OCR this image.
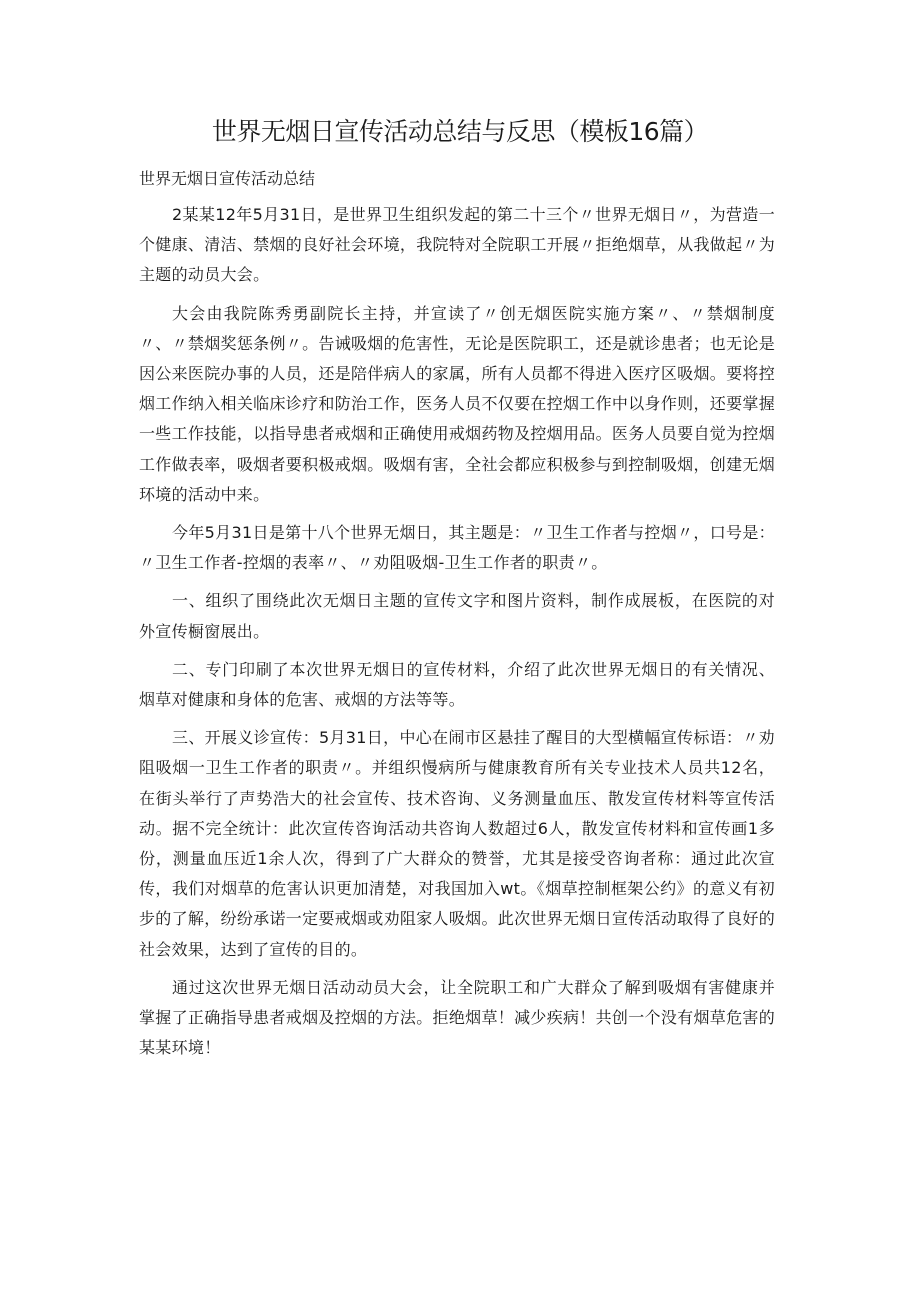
世界无烟日宣传活动总结与反思（模板16篇）

世界无烟日宣传活动总结

2某某12年5月31日，是世界卫生组织发起的第二十三个〃世界无烟日〃，为营造一个健康、清洁、禁烟的良好社会环境，我院特对全院职工开展〃拒绝烟草，从我做起〃为主题的动员大会。

大会由我院陈秀勇副院长主持，并宣读了〃创无烟医院实施方案〃、〃禁烟制度〃、〃禁烟奖惩条例〃。告诫吸烟的危害性，无论是医院职工，还是就诊患者；也无论是因公来医院办事的人员，还是陪伴病人的家属，所有人员都不得进入医疗区吸烟。要将控烟工作纳入相关临床诊疗和防治工作，医务人员不仅要在控烟工作中以身作则，还要掌握一些工作技能，以指导患者戒烟和正确使用戒烟药物及控烟用品。医务人员要自觉为控烟工作做表率，吸烟者要积极戒烟。吸烟有害，全社会都应积极参与到控制吸烟，创建无烟环境的活动中来。

今年5月31日是第十八个世界无烟日，其主题是：〃卫生工作者与控烟〃，口号是：〃卫生工作者-控烟的表率〃、〃劝阻吸烟-卫生工作者的职责〃。

一、组织了围绕此次无烟日主题的宣传文字和图片资料，制作成展板，在医院的对外宣传橱窗展出。

二、专门印刷了本次世界无烟日的宣传材料，介绍了此次世界无烟日的有关情况、烟草对健康和身体的危害、戒烟的方法等等。

三、开展义诊宣传：5月31日，中心在闹市区悬挂了醒目的大型横幅宣传标语：〃劝阻吸烟一卫生工作者的职责〃。并组织慢病所与健康教育所有关专业技术人员共12名，在街头举行了声势浩大的社会宣传、技术咨询、义务测量血压、散发宣传材料等宣传活动。据不完全统计：此次宣传咨询活动共咨询人数超过6人，散发宣传材料和宣传画1多份，测量血压近1余人次，得到了广大群众的赞誉，尤其是接受咨询者称：通过此次宣传，我们对烟草的危害认识更加清楚，对我国加入wt。《烟草控制框架公约》的意义有初步的了解，纷纷承诺一定要戒烟或劝阻家人吸烟。此次世界无烟日宣传活动取得了良好的社会效果，达到了宣传的目的。

通过这次世界无烟日活动动员大会，让全院职工和广大群众了解到吸烟有害健康并掌握了正确指导患者戒烟及控烟的方法。拒绝烟草！减少疾病！共创一个没有烟草危害的某某环境！
